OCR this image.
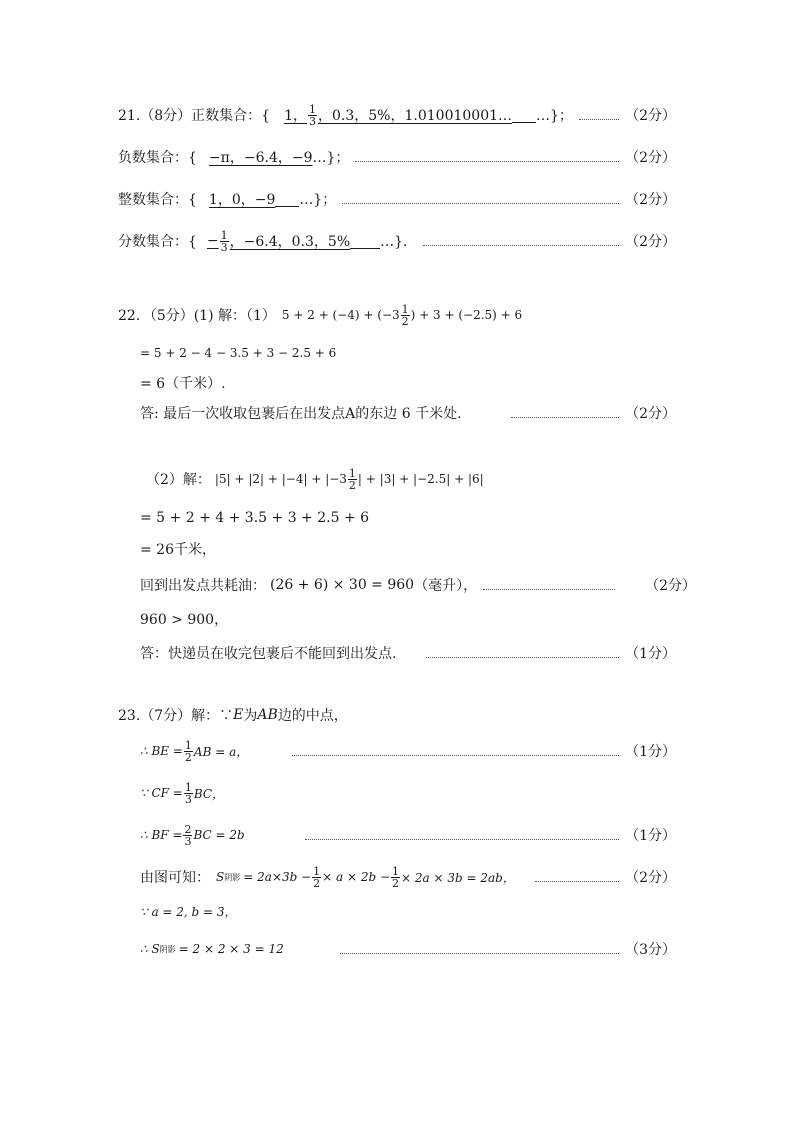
21.（8分）正数集合：{ 1， $\frac{1}{3}$ ，0.3，5%，1.010010001… …}；	（2分）
负数集合：{ −π，−6.4，−9 …}；	（2分）
整数集合：{ 1，0，−9 …}；	（2分）
分数集合：{ − $\frac{1}{3}$ ，−6.4，0.3，5% …}．	（2分）
22．（5分）(1) 解：（1） $5 + 2 + (-4) + (-3 \frac{1}{2}$ ) + 3 + (−2.5) + 6
= 5 + 2 − 4 − 3.5 + 3 − 2.5 + 6
= 6（千米）.
答: 最后一次收取包裹后在出发点A的东边 6 千米处.	（2分）
（2）解： $|5| + |2| + |-4| + |-3 \frac{1}{2}$ | + |3| + |−2.5| + |6|
= 5 + 2 + 4 + 3.5 + 3 + 2.5 + 6
= 26千米，
回到出发点共耗油： (26 + 6) × 30 = 960 （毫升），	（2分）
960 > 900，
答：快递员在收完包裹后不能回到出发点.	（1分）
23.（7分）解：∵ E 为 AB 边的中点，
∴ BE = $\frac{1}{2}$ AB = a，	（1分）
∵ CF = $\frac{1}{3}$ BC，
∴ BF = $\frac{2}{3}$ BC = 2b	（1分）
由图可知： S 阴影 = $2a\times 3b - \frac{1}{2} \times a \times 2b - \frac{1}{2} \times 2a \times 3b = 2ab$，	（2分）
∵ a = 2, b = 3，
∴ S 阴影 = 2 × 2 × 3 = 12	（3分）
